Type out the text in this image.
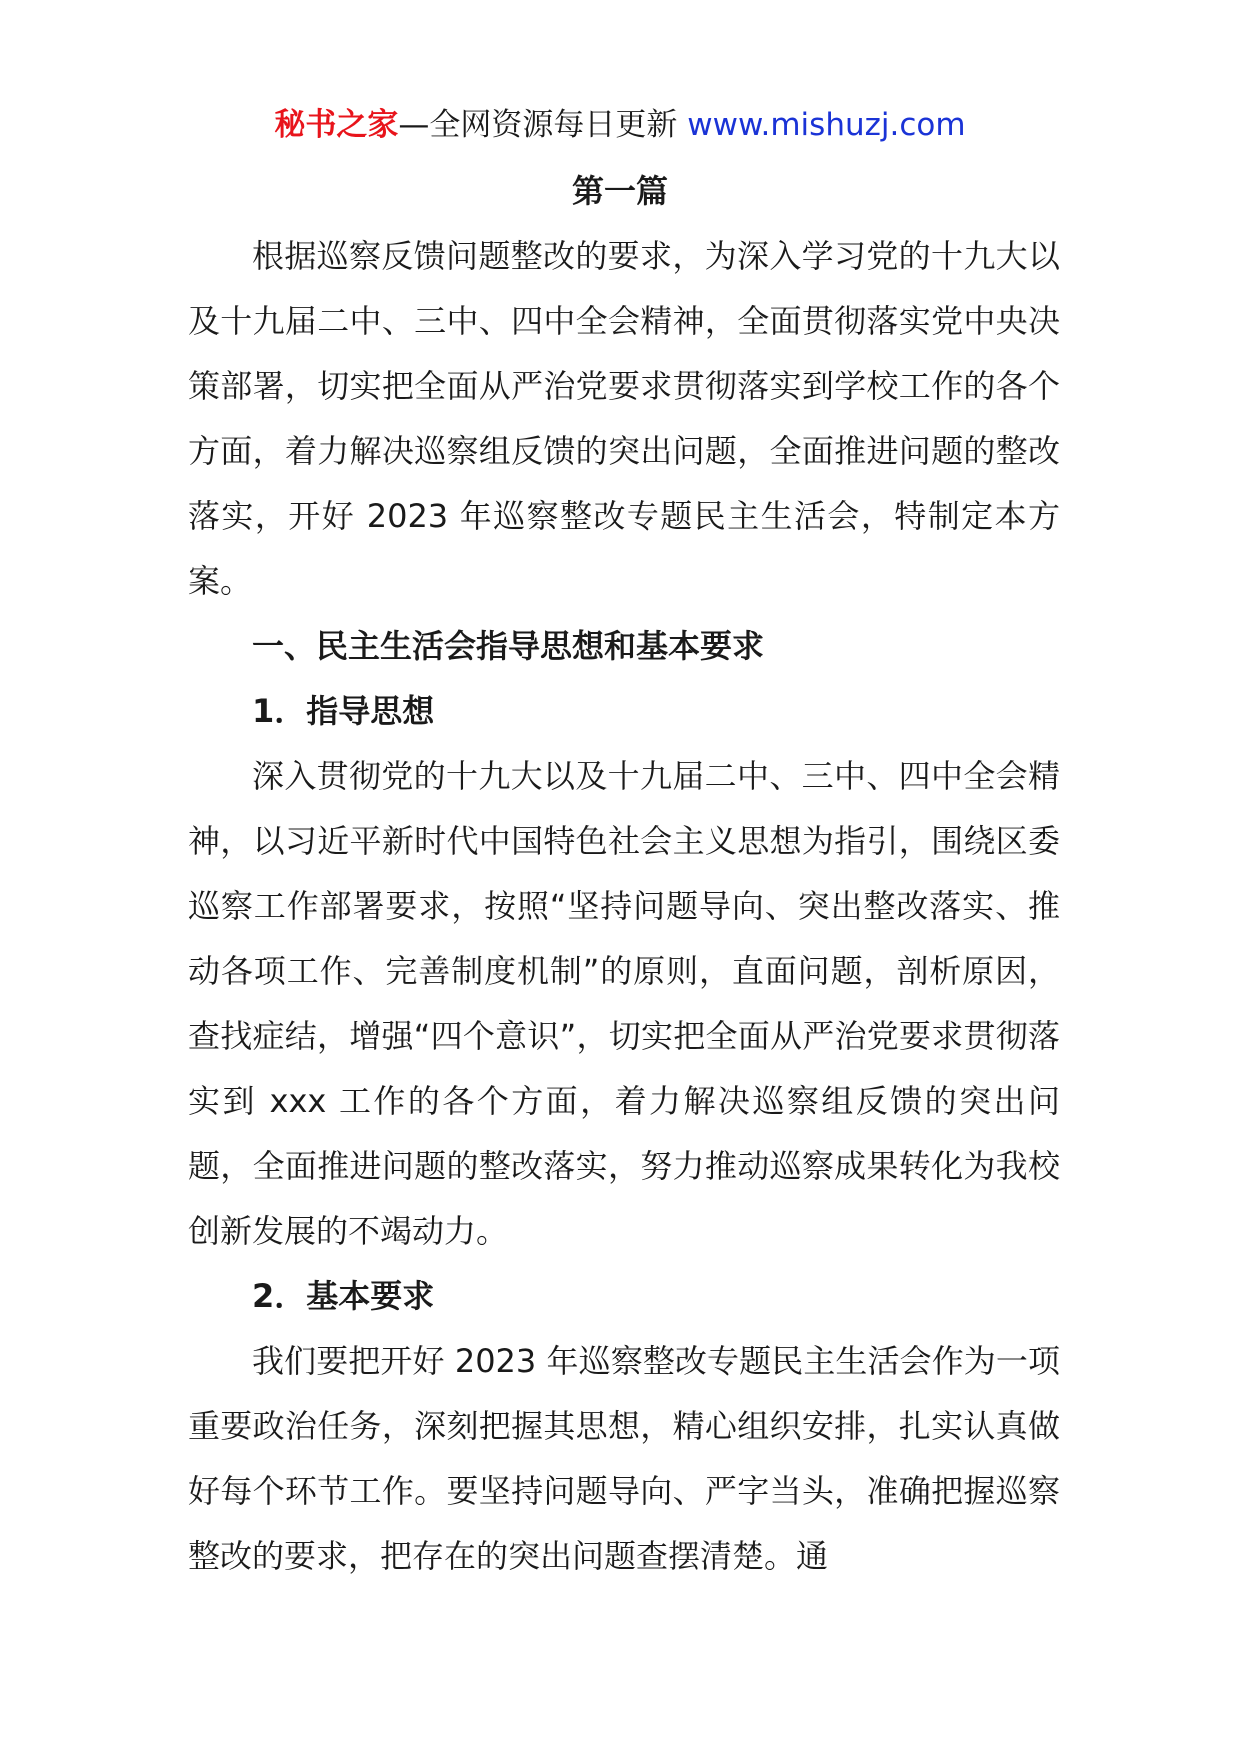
秘书之家—全网资源每日更新 www.mishuzj.com
第一篇

根据巡察反馈问题整改的要求，为深入学习党的十九大以及十九届二中、三中、四中全会精神，全面贯彻落实党中央决策部署，切实把全面从严治党要求贯彻落实到学校工作的各个方面，着力解决巡察组反馈的突出问题，全面推进问题的整改落实，开好 2023 年巡察整改专题民主生活会，特制定本方案。

一、民主生活会指导思想和基本要求

1．指导思想

深入贯彻党的十九大以及十九届二中、三中、四中全会精神，以习近平新时代中国特色社会主义思想为指引，围绕区委巡察工作部署要求，按照“坚持问题导向、突出整改落实、推动各项工作、完善制度机制”的原则，直面问题，剖析原因，查找症结，增强“四个意识”，切实把全面从严治党要求贯彻落实到 xxx 工作的各个方面，着力解决巡察组反馈的突出问题，全面推进问题的整改落实，努力推动巡察成果转化为我校创新发展的不竭动力。

2．基本要求

我们要把开好 2023 年巡察整改专题民主生活会作为一项重要政治任务，深刻把握其思想，精心组织安排，扎实认真做好每个环节工作。要坚持问题导向、严字当头，准确把握巡察整改的要求，把存在的突出问题查摆清楚。通
